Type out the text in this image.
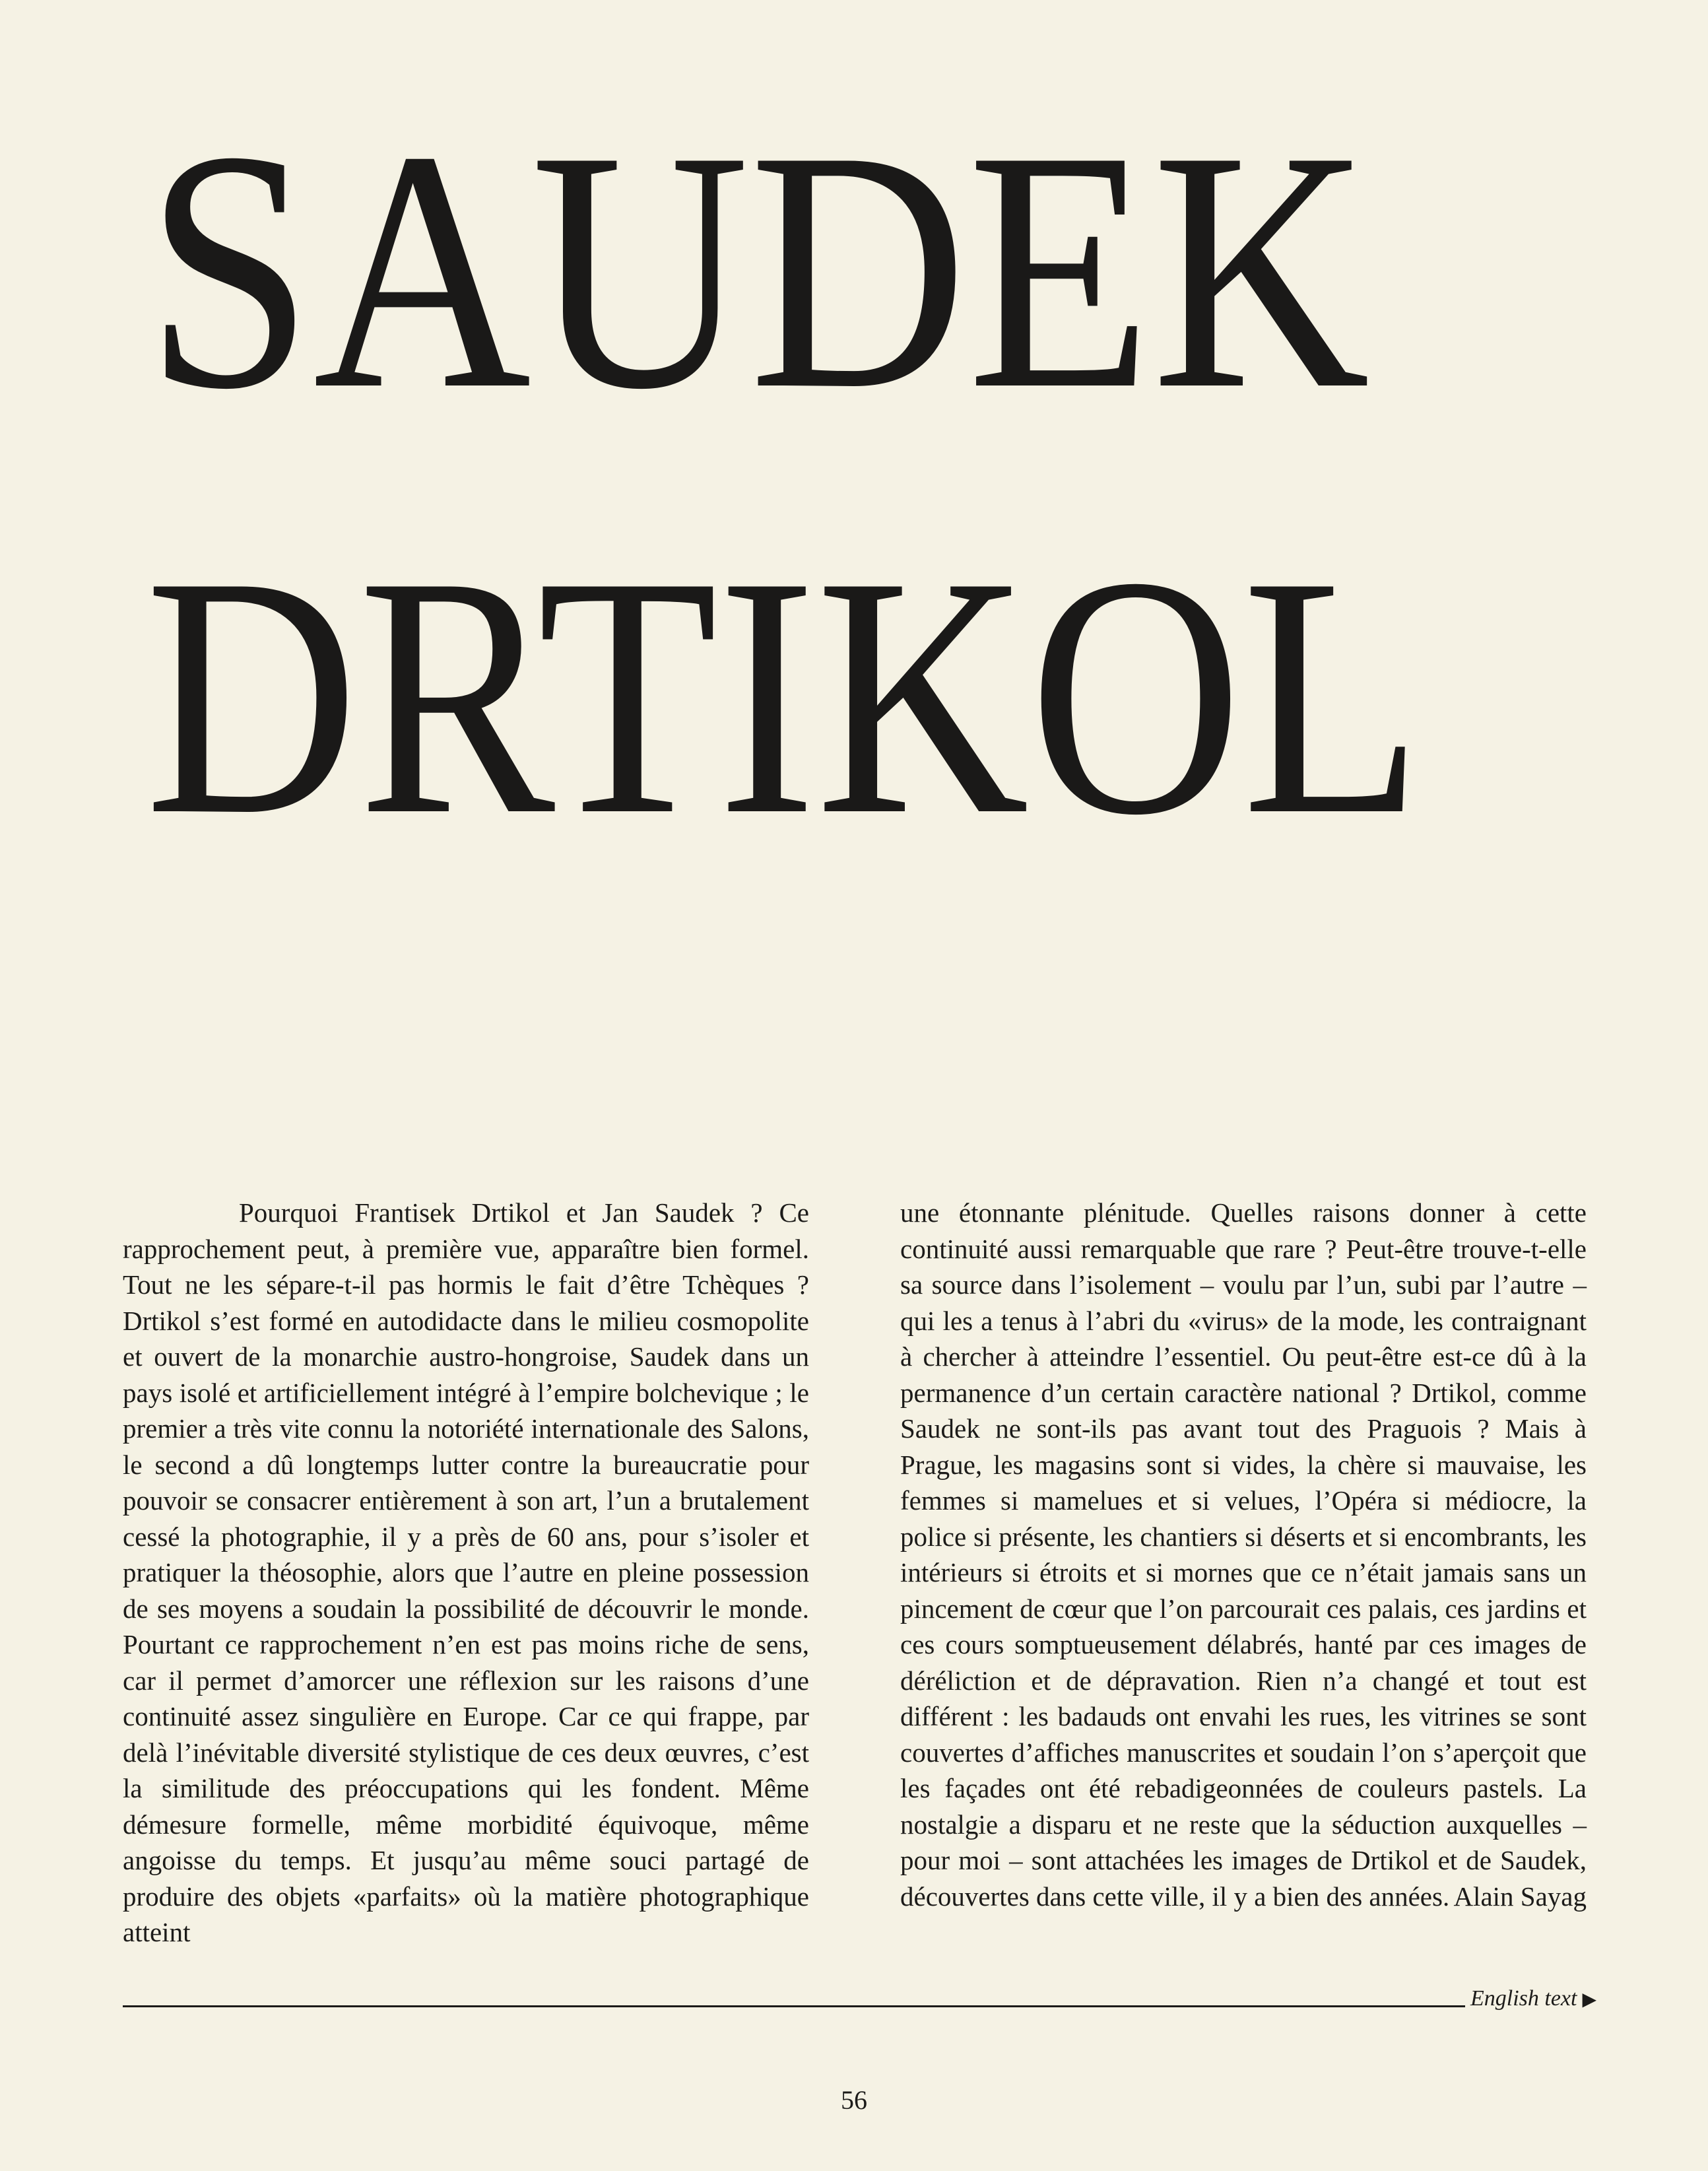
SAUDEK
DRTIKOL

Pourquoi Frantisek Drtikol et Jan Saudek ? Ce rapprochement peut, à première vue, apparaître bien formel. Tout ne les sépare-t-il pas hormis le fait d’être Tchèques ? Drtikol s’est formé en autodidacte dans le milieu cosmopolite et ouvert de la monarchie austro-hongroise, Saudek dans un pays isolé et artificiellement intégré à l’empire bolchevique ; le premier a très vite connu la notoriété internationale des Salons, le second a dû longtemps lutter contre la bureaucratie pour pouvoir se consacrer entièrement à son art, l’un a brutalement cessé la photographie, il y a près de 60 ans, pour s’isoler et pratiquer la théosophie, alors que l’autre en pleine possession de ses moyens a soudain la possibilité de découvrir le monde. Pourtant ce rapprochement n’en est pas moins riche de sens, car il permet d’amorcer une réflexion sur les raisons d’une continuité assez singulière en Europe. Car ce qui frappe, par delà l’inévitable diversité stylistique de ces deux œuvres, c’est la similitude des préoccupations qui les fondent. Même démesure formelle, même morbidité équivoque, même angoisse du temps. Et jusqu’au même souci partagé de produire des objets «parfaits» où la matière photographique atteint

une étonnante plénitude. Quelles raisons donner à cette continuité aussi remarquable que rare ? Peut-être trouve-t-elle sa source dans l’isolement – voulu par l’un, subi par l’autre – qui les a tenus à l’abri du «virus» de la mode, les contraignant à chercher à atteindre l’essentiel. Ou peut-être est-ce dû à la permanence d’un certain caractère national ? Drtikol, comme Saudek ne sont-ils pas avant tout des Praguois ? Mais à Prague, les magasins sont si vides, la chère si mauvaise, les femmes si mamelues et si velues, l’Opéra si médiocre, la police si présente, les chantiers si déserts et si encombrants, les intérieurs si étroits et si mornes que ce n’était jamais sans un pincement de cœur que l’on parcourait ces palais, ces jardins et ces cours somptueusement délabrés, hanté par ces images de déréliction et de dépravation. Rien n’a changé et tout est différent : les badauds ont envahi les rues, les vitrines se sont couvertes d’affiches manuscrites et soudain l’on s’aperçoit que les façades ont été rebadigeonnées de couleurs pastels. La nostalgie a disparu et ne reste que la séduction auxquelles – pour moi – sont attachées les images de Drtikol et de Saudek, découvertes dans cette ville, il y a bien des années. Alain Sayag
English text ▶
56
